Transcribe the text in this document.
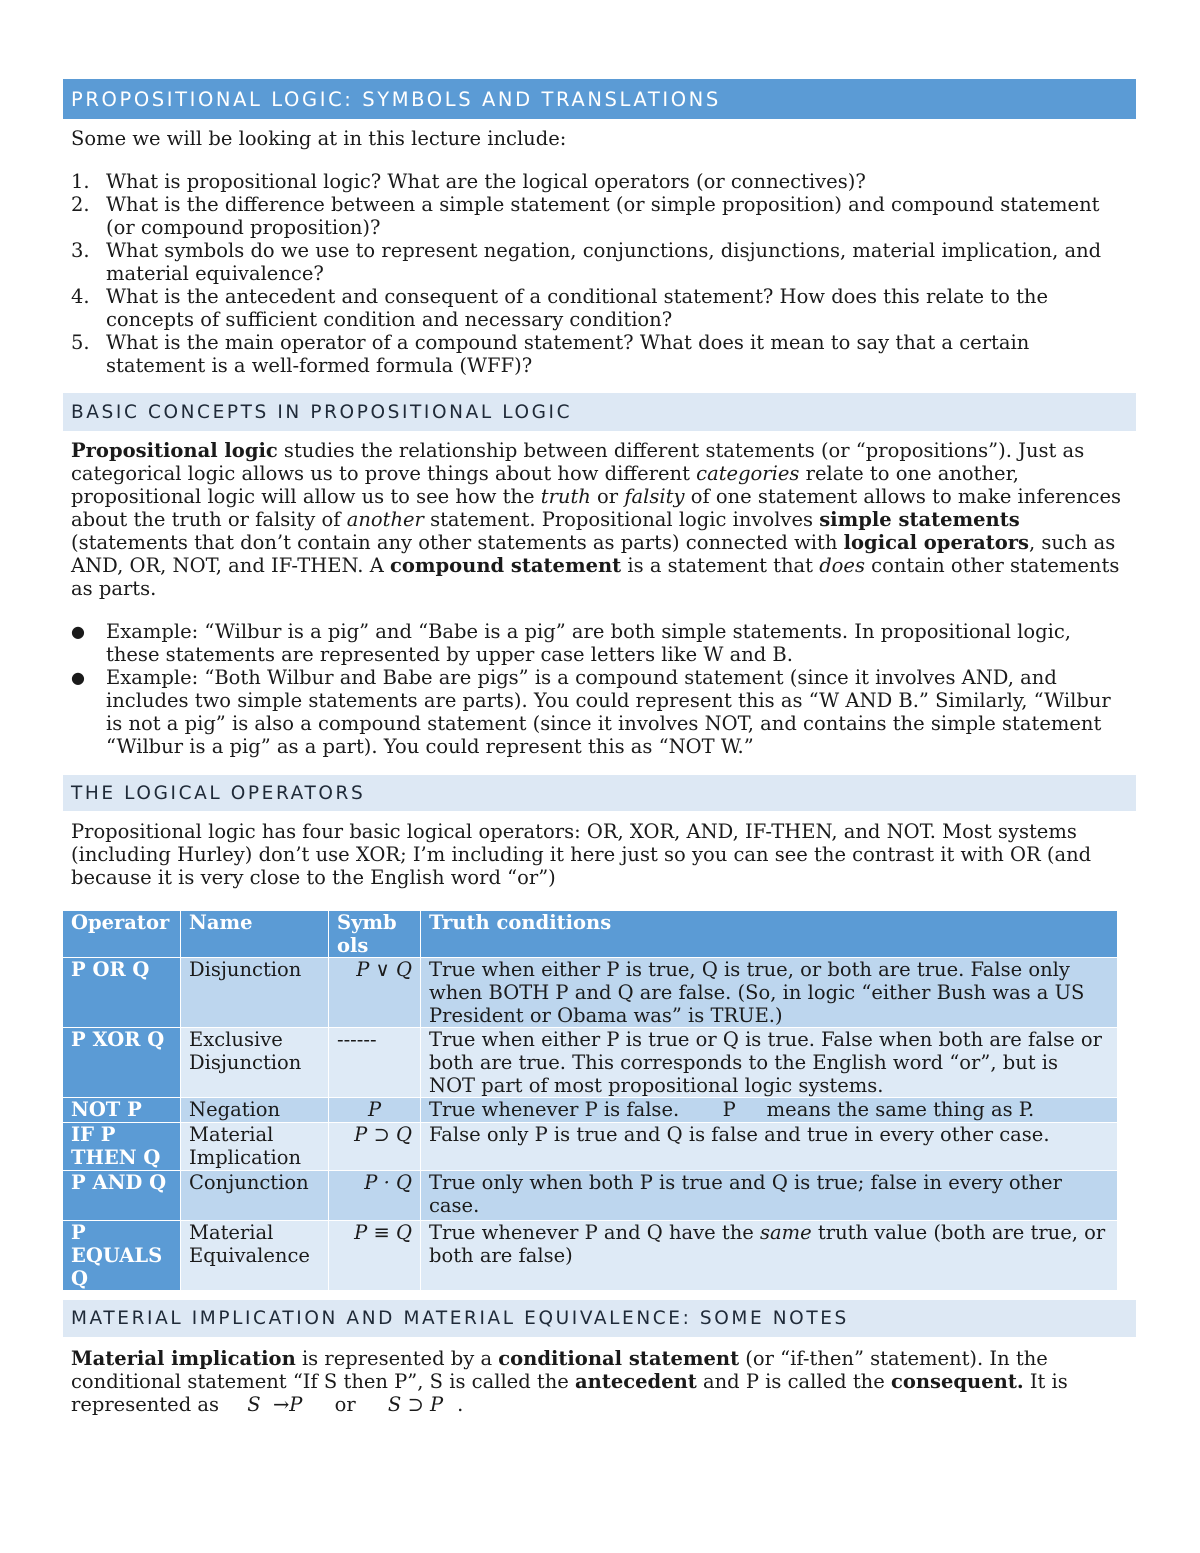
PROPOSITIONAL LOGIC: SYMBOLS AND TRANSLATIONS

Some we will be looking at in this lecture include:

1. What is propositional logic? What are the logical operators (or connectives)?
2. What is the difference between a simple statement (or simple proposition) and compound statement (or compound proposition)?
3. What symbols do we use to represent negation, conjunctions, disjunctions, material implication, and material equivalence?
4. What is the antecedent and consequent of a conditional statement? How does this relate to the concepts of sufficient condition and necessary condition?
5. What is the main operator of a compound statement? What does it mean to say that a certain statement is a well-formed formula (WFF)?
BASIC CONCEPTS IN PROPOSITIONAL LOGIC

Propositional logic studies the relationship between different statements (or “propositions”). Just as categorical logic allows us to prove things about how different categories relate to one another, propositional logic will allow us to see how the truth or falsity of one statement allows to make inferences about the truth or falsity of another statement. Propositional logic involves simple statements (statements that don’t contain any other statements as parts) connected with logical operators, such as AND, OR, NOT, and IF-THEN. A compound statement is a statement that does contain other statements as parts.

● Example: “Wilbur is a pig” and “Babe is a pig” are both simple statements. In propositional logic, these statements are represented by upper case letters like W and B.
● Example: “Both Wilbur and Babe are pigs” is a compound statement (since it involves AND, and includes two simple statements are parts). You could represent this as “W AND B.” Similarly, “Wilbur is not a pig” is also a compound statement (since it involves NOT, and contains the simple statement “Wilbur is a pig” as a part). You could represent this as “NOT W.”
THE LOGICAL OPERATORS

Propositional logic has four basic logical operators: OR, XOR, AND, IF-THEN, and NOT. Most systems (including Hurley) don’t use XOR; I’m including it here just so you can see the contrast it with OR (and because it is very close to the English word “or”)

Operator	Name	Symb ols	Truth conditions
P OR Q	Disjunction	P ∨ Q	True when either P is true, Q is true, or both are true. False only when BOTH P and Q are false. (So, in logic “either Bush was a US President or Obama was” is TRUE.)
P XOR Q	Exclusive Disjunction	------	True when either P is true or Q is true. False when both are false or both are true. This corresponds to the English word “or”, but is NOT part of most propositional logic systems.
NOT P	Negation	P	True whenever P is false.       P     means the same thing as P.
IF P THEN Q	Material Implication	P ⊃ Q	False only P is true and Q is false and true in every other case.
P AND Q	Conjunction	P · Q	True only when both P is true and Q is true; false in every other case.
P EQUALS Q	Material Equivalence	P ≡ Q	True whenever P and Q have the same truth value (both are true, or both are false)
MATERIAL IMPLICATION AND MATERIAL EQUIVALENCE: SOME NOTES

Material implication is represented by a conditional statement (or “if-then” statement). In the conditional statement “If S then P”, S is called the antecedent and P is called the consequent. It is represented as S  →P or S ⊃ P .
